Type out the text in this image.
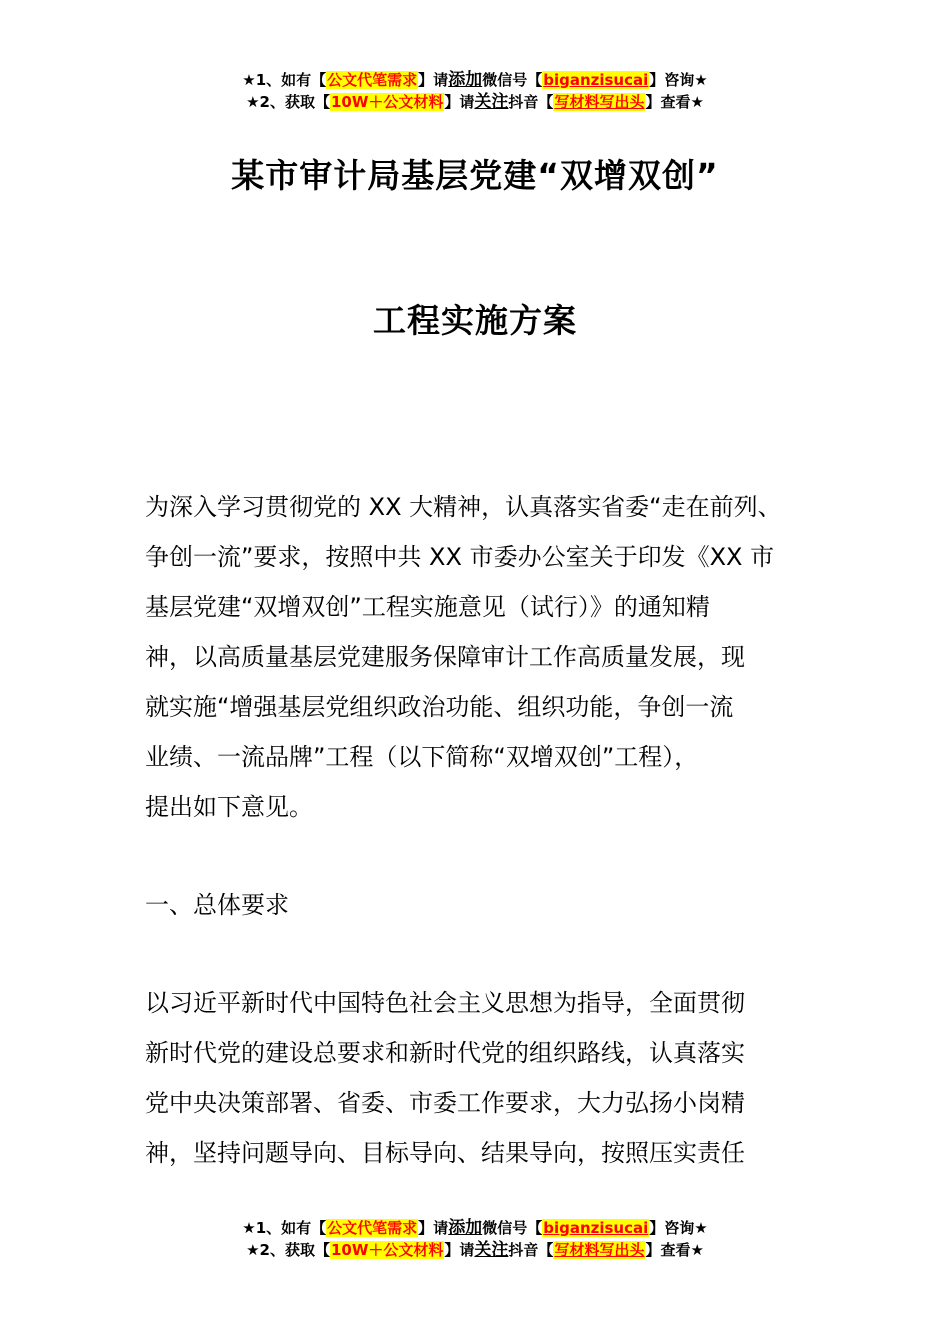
★1、如有【公文代笔需求】请添加微信号【biganzisucai】咨询★
★2、获取【10W＋公文材料】请关注抖音【写材料写出头】查看★
某市审计局基层党建“双增双创”
工程实施方案
为深入学习贯彻党的 XX 大精神，认真落实省委“走在前列、
争创一流”要求，按照中共 XX 市委办公室关于印发《XX 市
基层党建“双增双创”工程实施意见（试行）》的通知精
神，以高质量基层党建服务保障审计工作高质量发展，现
就实施“增强基层党组织政治功能、组织功能，争创一流
业绩、一流品牌”工程（以下简称“双增双创”工程），
提出如下意见。
一、总体要求
以习近平新时代中国特色社会主义思想为指导，全面贯彻
新时代党的建设总要求和新时代党的组织路线，认真落实
党中央决策部署、省委、市委工作要求，大力弘扬小岗精
神，坚持问题导向、目标导向、结果导向，按照压实责任
★1、如有【公文代笔需求】请添加微信号【biganzisucai】咨询★
★2、获取【10W＋公文材料】请关注抖音【写材料写出头】查看★
